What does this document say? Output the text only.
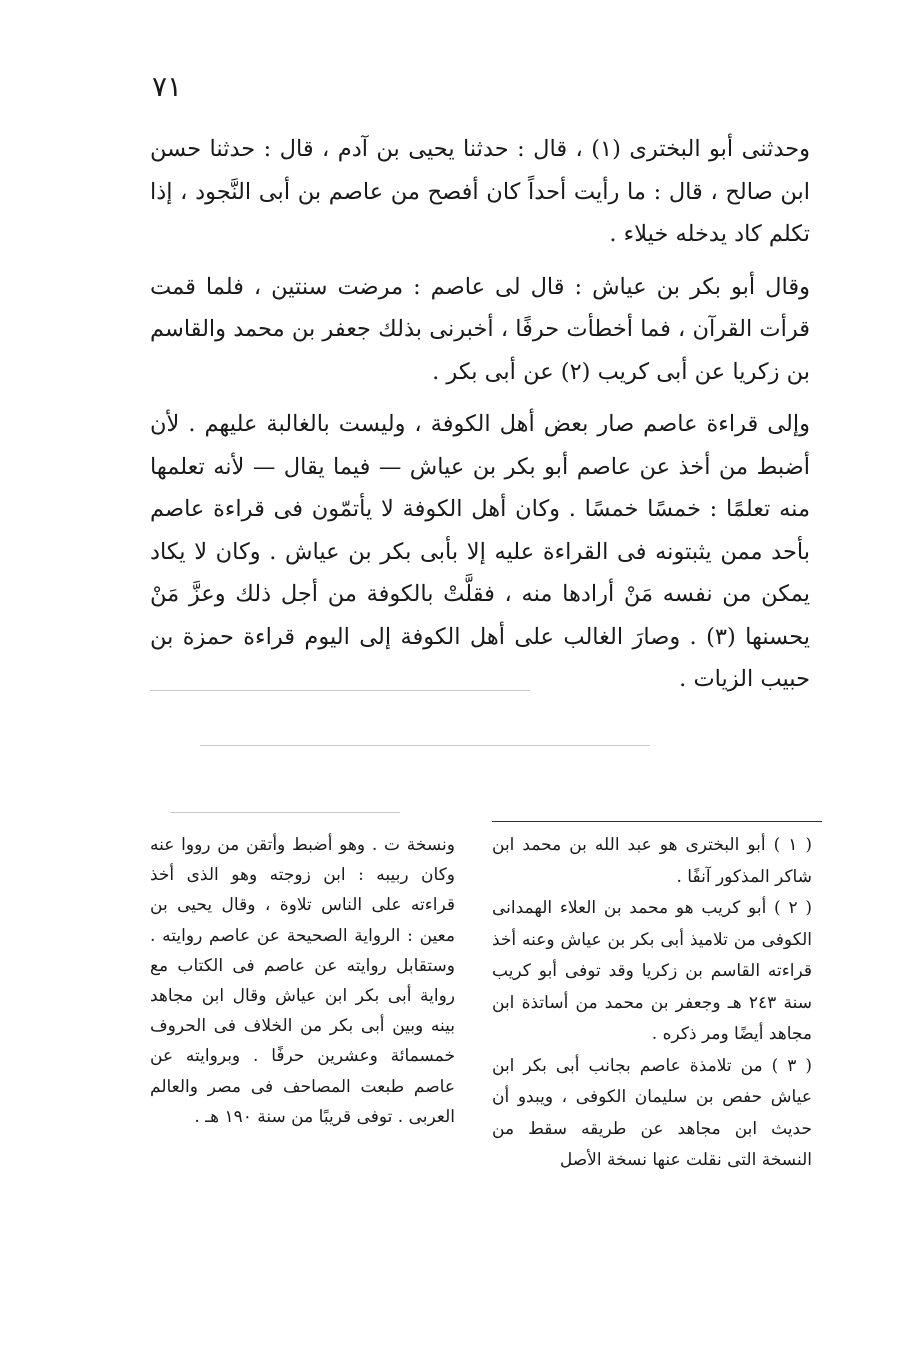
٧١

وحدثنى أبو البخترى (١) ، قال : حدثنا يحيى بن آدم ، قال : حدثنا حسن ابن صالح ، قال : ما رأيت أحداً كان أفصح من عاصم بن أبى النَّجود ، إذا تكلم كاد يدخله خيلاء .

وقال أبو بكر بن عياش : قال لى عاصم : مرضت سنتين ، فلما قمت قرأت القرآن ، فما أخطأت حرفًا ، أخبرنى بذلك جعفر بن محمد والقاسم بن زكريا عن أبى كريب (٢) عن أبى بكر .

وإلى قراءة عاصم صار بعض أهل الكوفة ، وليست بالغالبة عليهم . لأن أضبط من أخذ عن عاصم أبو بكر بن عياش — فيما يقال — لأنه تعلمها منه تعلمًا : خمسًا خمسًا . وكان أهل الكوفة لا يأتمّون فى قراءة عاصم بأحد ممن يثبتونه فى القراءة عليه إلا بأبى بكر بن عياش . وكان لا يكاد يمكن من نفسه مَنْ أرادها منه ، فقلَّتْ بالكوفة من أجل ذلك وعزَّ مَنْ يحسنها (٣) . وصارَ الغالب على أهل الكوفة إلى اليوم قراءة حمزة بن حبيب الزيات .

( ١ ) أبو البخترى هو عبد الله بن محمد ابن شاكر المذكور آنفًا .

( ٢ ) أبو كريب هو محمد بن العلاء الهمدانى الكوفى من تلاميذ أبى بكر بن عياش وعنه أخذ قراءته القاسم بن زكريا وقد توفى أبو كريب سنة ٢٤٣ هـ وجعفر بن محمد من أساتذة ابن مجاهد أيضًا ومر ذكره .

( ٣ ) من تلامذة عاصم بجانب أبى بكر ابن عياش حفص بن سليمان الكوفى ، ويبدو أن حديث ابن مجاهد عن طريقه سقط من النسخة التى نقلت عنها نسخة الأصل

ونسخة ت . وهو أضبط وأتقن من رووا عنه وكان ربيبه : ابن زوجته وهو الذى أخذ قراءته على الناس تلاوة ، وقال يحيى بن معين : الرواية الصحيحة عن عاصم روايته . وستقابل روايته عن عاصم فى الكتاب مع رواية أبى بكر ابن عياش وقال ابن مجاهد بينه وبين أبى بكر من الخلاف فى الحروف خمسمائة وعشرين حرفًا . وبروايته عن عاصم طبعت المصاحف فى مصر والعالم العربى . توفى قريبًا من سنة ١٩٠ هـ .
